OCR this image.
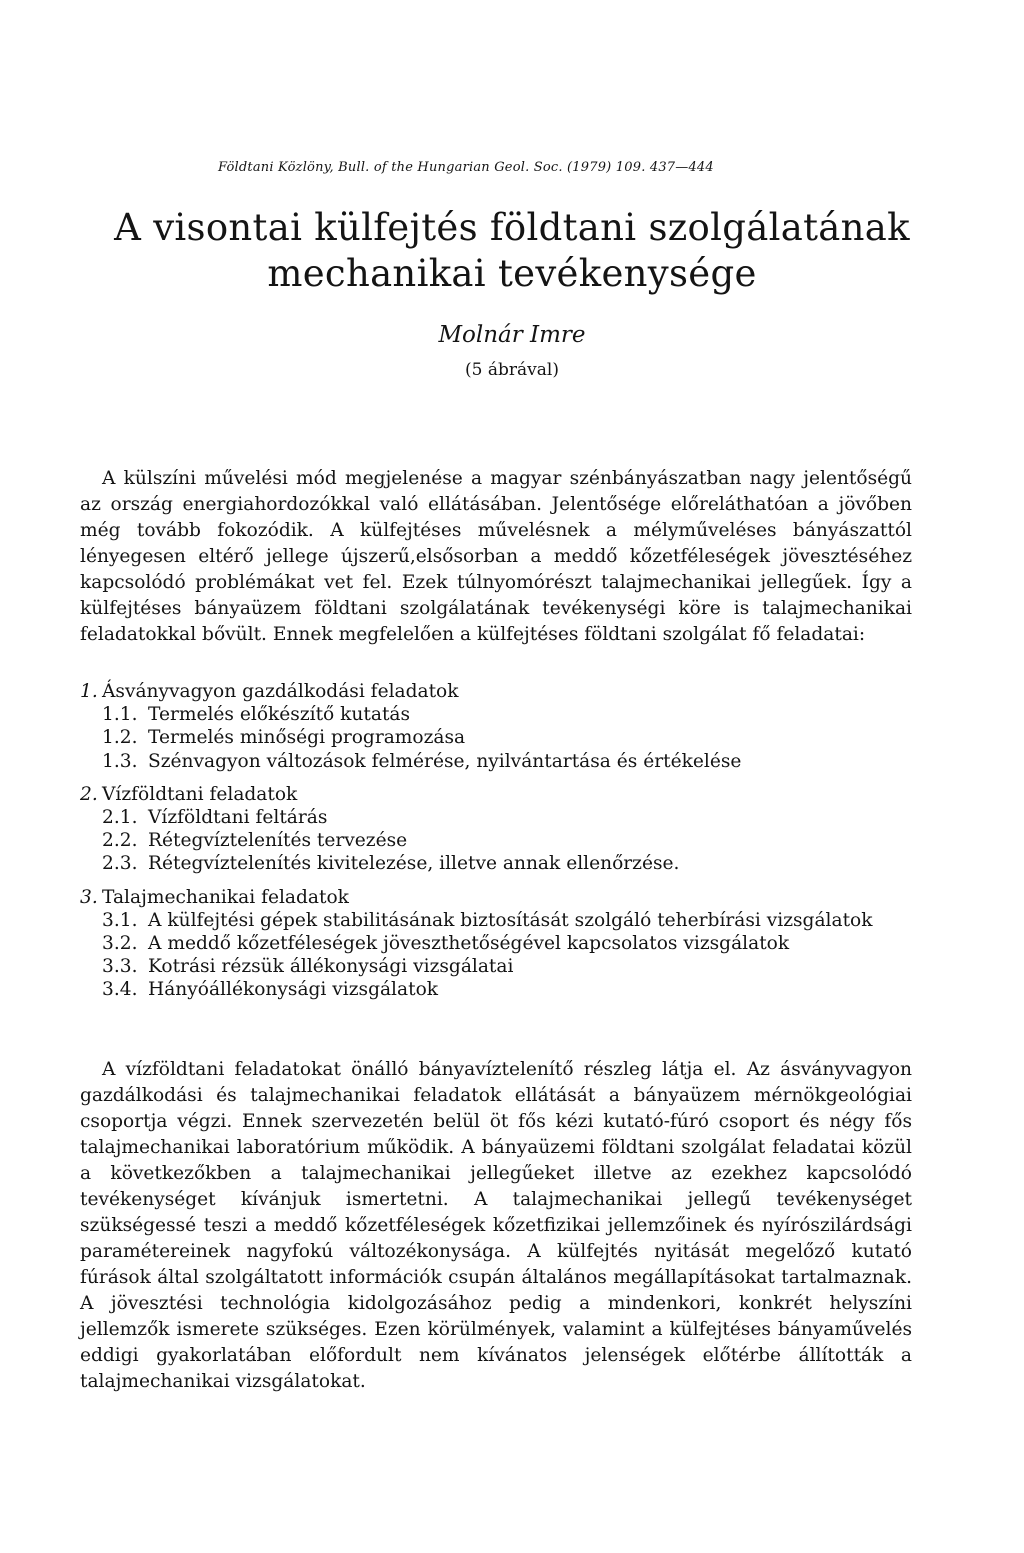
Földtani Közlöny, Bull. of the Hungarian Geol. Soc. (1979) 109. 437—444
A visontai külfejtés földtani szolgálatának mechanikai tevékenysége
Molnár Imre
(5 ábrával)
A külszíni művelési mód megjelenése a magyar szénbányászatban nagy jelentőségű az ország energiahordozókkal való ellátásában. Jelentősége előreláthatóan a jövőben még tovább fokozódik. A külfejtéses művelésnek a mélyműveléses bányászattól lényegesen eltérő jellege újszerű,elsősorban a meddő kőzetféleségek jövesztéséhez kapcsolódó problémákat vet fel. Ezek túlnyomórészt talajmechanikai jellegűek. Így a külfejtéses bányaüzem földtani szolgálatának tevékenységi köre is talajmechanikai feladatokkal bővült. Ennek megfelelően a külfejtéses földtani szolgálat fő feladatai:
1. Ásványvagyon gazdálkodási feladatok
1.1. Termelés előkészítő kutatás
1.2. Termelés minőségi programozása
1.3. Szénvagyon változások felmérése, nyilvántartása és értékelése
2. Vízföldtani feladatok
2.1. Vízföldtani feltárás
2.2. Rétegvíztelenítés tervezése
2.3. Rétegvíztelenítés kivitelezése, illetve annak ellenőrzése.
3. Talajmechanikai feladatok
3.1. A külfejtési gépek stabilitásának biztosítását szolgáló teherbírási vizsgálatok
3.2. A meddő kőzetféleségek jöveszthetőségével kapcsolatos vizsgálatok
3.3. Kotrási rézsük állékonysági vizsgálatai
3.4. Hányóállékonysági vizsgálatok
A vízföldtani feladatokat önálló bányavíztelenítő részleg látja el. Az ásványvagyon gazdálkodási és talajmechanikai feladatok ellátását a bányaüzem mérnökgeológiai csoportja végzi. Ennek szervezetén belül öt fős kézi kutató-fúró csoport és négy fős talajmechanikai laboratórium működik. A bányaüzemi földtani szolgálat feladatai közül a következőkben a talajmechanikai jellegűeket illetve az ezekhez kapcsolódó tevékenységet kívánjuk ismertetni. A talajmechanikai jellegű tevékenységet szükségessé teszi a meddő kőzetféleségek kőzetfizikai jellemzőinek és nyírószilárdsági paramétereinek nagyfokú változékonysága. A külfejtés nyitását megelőző kutató fúrások által szolgáltatott információk csupán általános megállapításokat tartalmaznak. A jövesztési technológia kidolgozásához pedig a mindenkori, konkrét helyszíni jellemzők ismerete szükséges. Ezen körülmények, valamint a külfejtéses bányaművelés eddigi gyakorlatában előfordult nem kívánatos jelenségek előtérbe állították a talajmechanikai vizsgálatokat.
